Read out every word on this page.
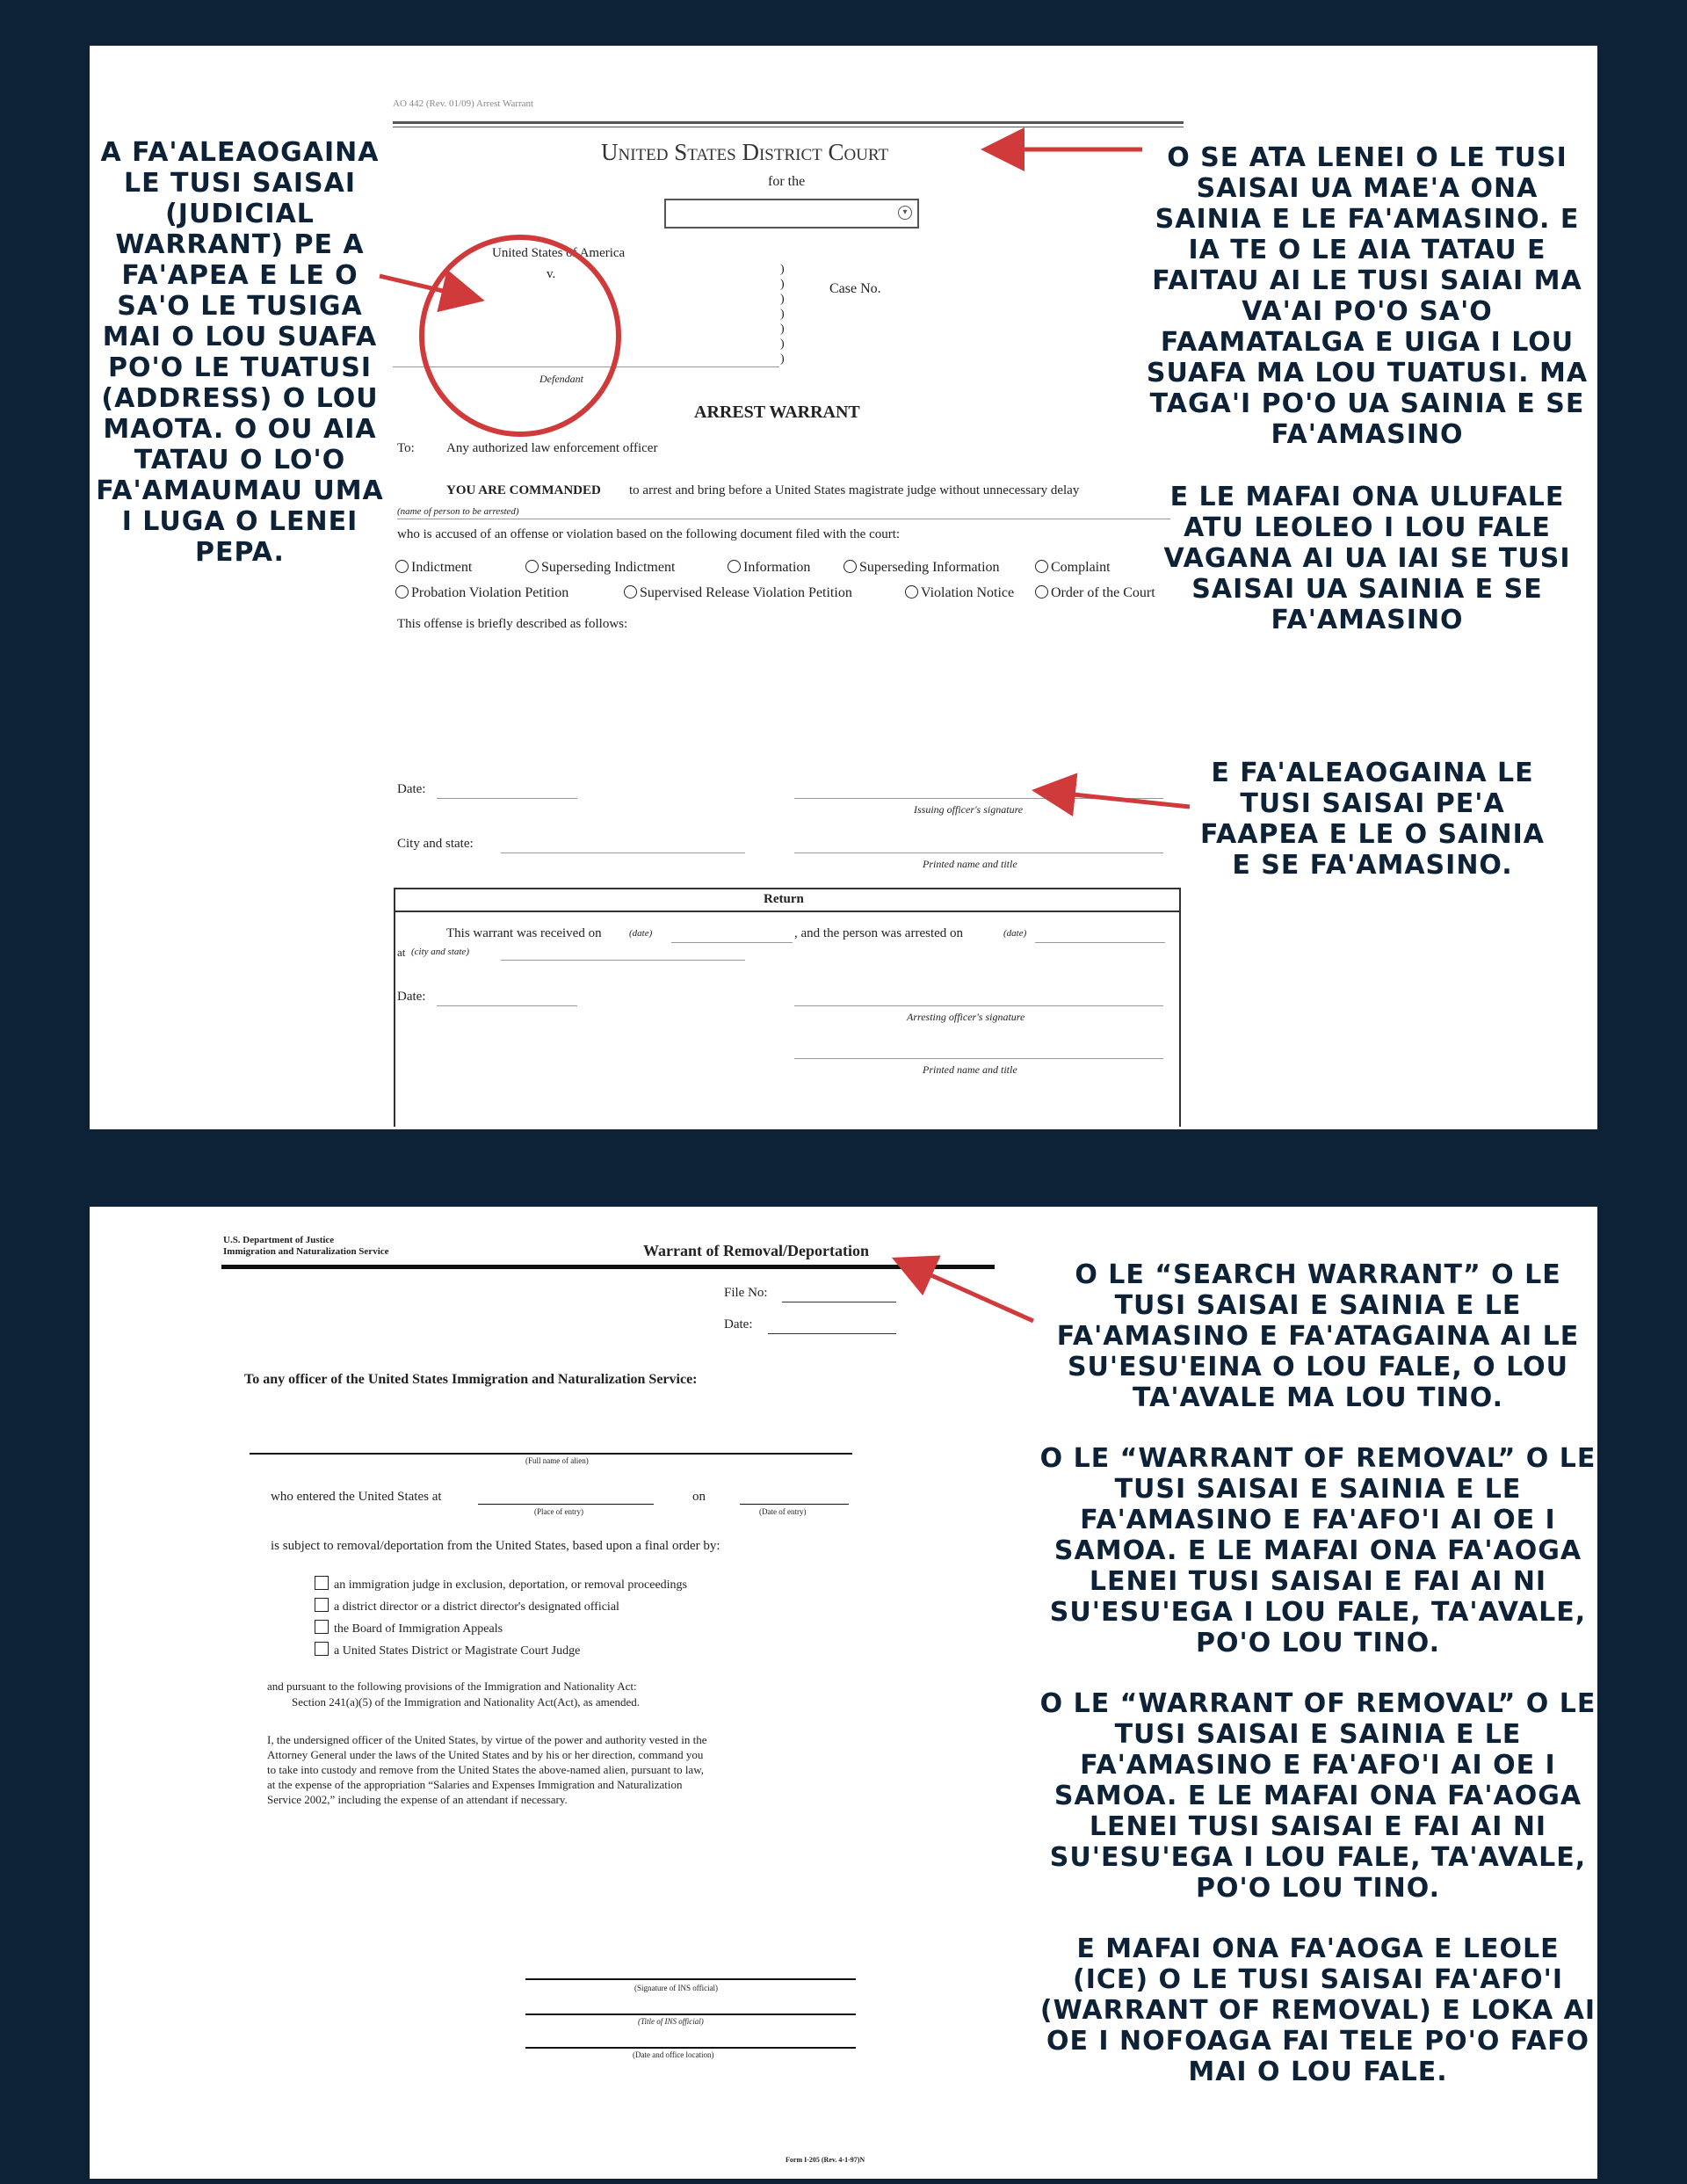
AO 442 (Rev. 01/09) Arrest Warrant
United States District Court
for the
▾
United States of America
v.	)
)
)
)
)
)
)
Case No.
Defendant
ARREST WARRANT
To: Any authorized law enforcement officer
YOU ARE COMMANDED to arrest and bring before a United States magistrate judge without unnecessary delay
(name of person to be arrested)
who is accused of an offense or violation based on the following document filed with the court:
Indictment	Superseding Indictment	Information	Superseding Information	Complaint
Probation Violation Petition	Supervised Release Violation Petition	Violation Notice	Order of the Court
This offense is briefly described as follows:
Date:
Issuing officer's signature
City and state:
Printed name and title
Return
This warrant was received on	(date)	, and the person was arrested on	(date)
at (city and state)
Date:
Arresting officer's signature
Printed name and title
A FA'ALEAOGAINA LE TUSI SAISAI (JUDICIAL WARRANT) PE A FA'APEA E LE O SA'O LE TUSIGA MAI O LOU SUAFA PO'O LE TUATUSI (ADDRESS) O LOU MAOTA. O OU AIA TATAU O LO'O FA'AMAUMAU UMA I LUGA O LENEI PEPA.
O SE ATA LENEI O LE TUSI SAISAI UA MAE'A ONA SAINIA E LE FA'AMASINO. E IA TE O LE AIA TATAU E FAITAU AI LE TUSI SAIAI MA VA'AI PO'O SA'O FAAMATALGA E UIGA I LOU SUAFA MA LOU TUATUSI. MA TAGA'I PO'O UA SAINIA E SE FA'AMASINO
E LE MAFAI ONA ULUFALE ATU LEOLEO I LOU FALE VAGANA AI UA IAI SE TUSI SAISAI UA SAINIA E SE FA'AMASINO
E FA'ALEAOGAINA LE TUSI SAISAI PE'A FAAPEA E LE O SAINIA E SE FA'AMASINO.
U.S. Department of Justice
Immigration and Naturalization Service	Warrant of Removal/Deportation
File No:
Date:
To any officer of the United States Immigration and Naturalization Service:
(Full name of alien)
who entered the United States at
(Place of entry)
on
(Date of entry)
is subject to removal/deportation from the United States, based upon a final order by:
an immigration judge in exclusion, deportation, or removal proceedings
a district director or a district director's designated official
the Board of Immigration Appeals
a United States District or Magistrate Court Judge
and pursuant to the following provisions of the Immigration and Nationality Act:
Section 241(a)(5) of the Immigration and Nationality Act(Act), as amended.
I, the undersigned officer of the United States, by virtue of the power and authority vested in the
Attorney General under the laws of the United States and by his or her direction, command you
to take into custody and remove from the United States the above-named alien, pursuant to law,
at the expense of the appropriation “Salaries and Expenses Immigration and Naturalization
Service 2002,” including the expense of an attendant if necessary.
(Signature of INS official)
(Title of INS official)
(Date and office location)
Form I-205 (Rev. 4-1-97)N

O LE “SEARCH WARRANT” O LE TUSI SAISAI E SAINIA E LE FA'AMASINO E FA'ATAGAINA AI LE SU'ESU'EINA O LOU FALE, O LOU TA'AVALE MA LOU TINO.

O LE “WARRANT OF REMOVAL” O LE TUSI SAISAI E SAINIA E LE FA'AMASINO E FA'AFO'I AI OE I SAMOA. E LE MAFAI ONA FA'AOGA LENEI TUSI SAISAI E FAI AI NI SU'ESU'EGA I LOU FALE, TA'AVALE, PO'O LOU TINO.

O LE “WARRANT OF REMOVAL” O LE TUSI SAISAI E SAINIA E LE FA'AMASINO E FA'AFO'I AI OE I SAMOA. E LE MAFAI ONA FA'AOGA LENEI TUSI SAISAI E FAI AI NI SU'ESU'EGA I LOU FALE, TA'AVALE, PO'O LOU TINO.

E MAFAI ONA FA'AOGA E LEOLE (ICE) O LE TUSI SAISAI FA'AFO'I (WARRANT OF REMOVAL) E LOKA AI OE I NOFOAGA FAI TELE PO'O FAFO MAI O LOU FALE.
